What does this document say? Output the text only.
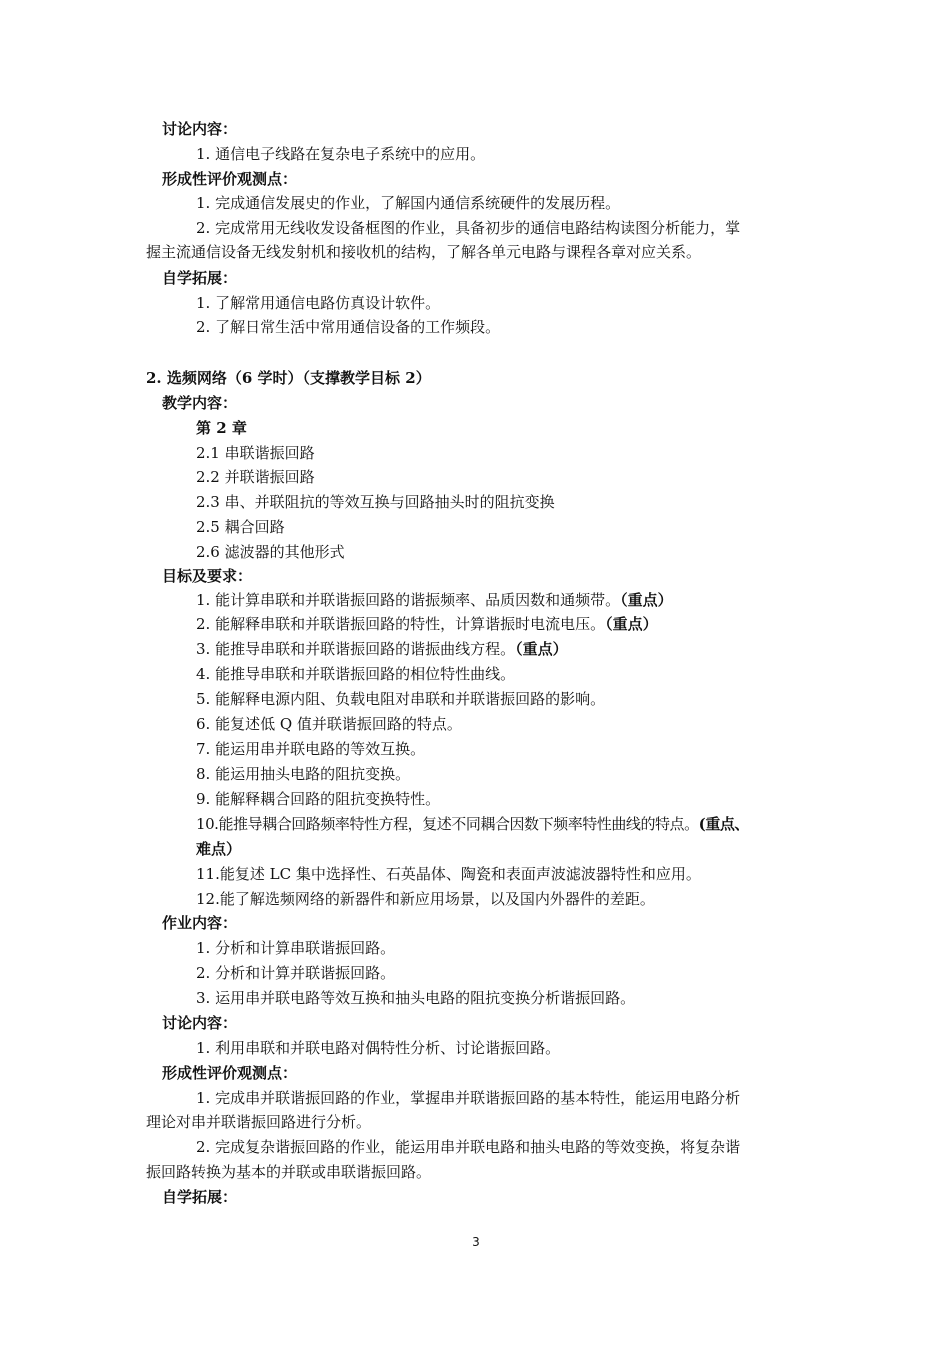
讨论内容：
1. 通信电子线路在复杂电子系统中的应用。
形成性评价观测点：
1. 完成通信发展史的作业，了解国内通信系统硬件的发展历程。
2. 完成常用无线收发设备框图的作业，具备初步的通信电路结构读图分析能力，掌
握主流通信设备无线发射机和接收机的结构，了解各单元电路与课程各章对应关系。
自学拓展：
1. 了解常用通信电路仿真设计软件。
2. 了解日常生活中常用通信设备的工作频段。
2. 选频网络（6 学时）（支撑教学目标 2）
教学内容：
第 2 章
2.1 串联谐振回路
2.2 并联谐振回路
2.3 串、并联阻抗的等效互换与回路抽头时的阻抗变换
2.5 耦合回路
2.6 滤波器的其他形式
目标及要求：
1. 能计算串联和并联谐振回路的谐振频率、品质因数和通频带。（重点）
2. 能解释串联和并联谐振回路的特性，计算谐振时电流电压。（重点）
3. 能推导串联和并联谐振回路的谐振曲线方程。（重点）
4. 能推导串联和并联谐振回路的相位特性曲线。
5. 能解释电源内阻、负载电阻对串联和并联谐振回路的影响。
6. 能复述低 Q 值并联谐振回路的特点。
7. 能运用串并联电路的等效互换。
8. 能运用抽头电路的阻抗变换。
9. 能解释耦合回路的阻抗变换特性。
10.能推导耦合回路频率特性方程，复述不同耦合因数下频率特性曲线的特点。(重点、
难点）
11.能复述 LC 集中选择性、石英晶体、陶瓷和表面声波滤波器特性和应用。
12.能了解选频网络的新器件和新应用场景，以及国内外器件的差距。
作业内容：
1. 分析和计算串联谐振回路。
2. 分析和计算并联谐振回路。
3. 运用串并联电路等效互换和抽头电路的阻抗变换分析谐振回路。
讨论内容：
1. 利用串联和并联电路对偶特性分析、讨论谐振回路。
形成性评价观测点：
1. 完成串并联谐振回路的作业，掌握串并联谐振回路的基本特性，能运用电路分析
理论对串并联谐振回路进行分析。
2. 完成复杂谐振回路的作业，能运用串并联电路和抽头电路的等效变换，将复杂谐
振回路转换为基本的并联或串联谐振回路。
自学拓展：
3
